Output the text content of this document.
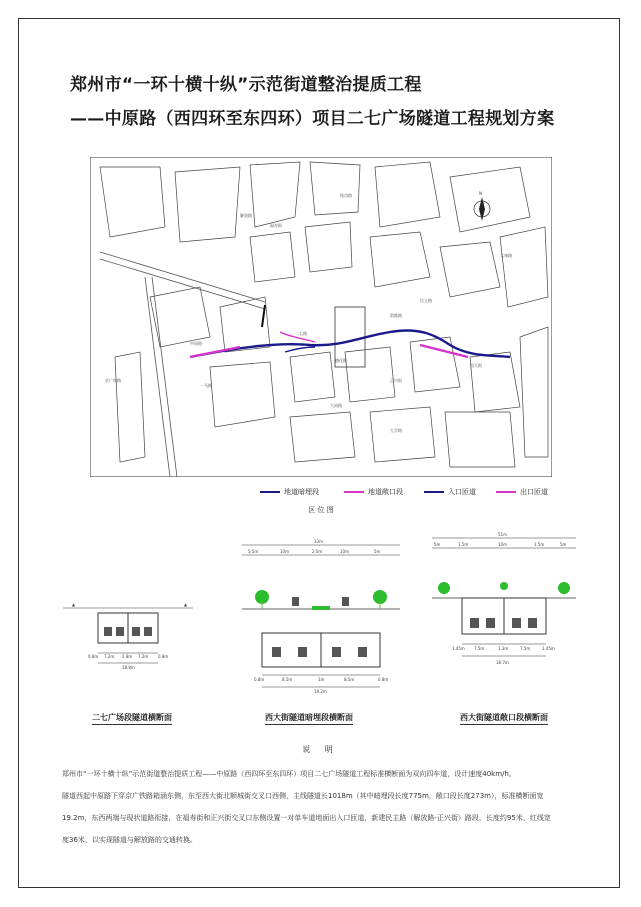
郑州市“一环十横十纵”示范街道整治提质工程
——中原路（西四环至东四环）项目二七广场隧道工程规划方案
N
中原路
二七路
解放路
西大街
大同路
正兴街
德化街
民主路
京广铁路
敦睦路
一马路
福寿街
大学路
铭功路
太康路
地道暗埋段	地道敞口段	入口匝道	出口匝道
区 位 图
▲	▲
0.8m 7.2m 2.8m 7.2m 0.8m
18.8m
二七广场段隧道横断面
33m
5.5m	10m	2.5m	10m	5m
0.8m	8.5m	1m	8.5m	0.8m
19.2m
西大街隧道暗埋段横断面
51m
5m	1.5m	10m	1.5m	5m
1.45m 7.5m	1.3m	7.5m	1.45m
18.7m
西大街隧道敞口段横断面
说 明
郑州市“一环十横十纵”示范街道整治提质工程——中原路（西四环至东四环）项目二七广场隧道工程标准横断面为双向四车道，设计速度40km/h。
隧道西起中原路下穿京广铁路箱涵东侧，东至西大街北顺城街交叉口西侧，主线隧道长1018m（其中暗埋段长度775m，敞口段长度273m），标准横断面宽
19.2m，东西两端与现状道路衔接，在福寿街和正兴街交叉口东侧设置一对单车道地面出入口匝道，新建民主路（解放路-正兴街）路段，长度约95米，红线宽
度36米，以实现隧道与解放路的交通转换。
